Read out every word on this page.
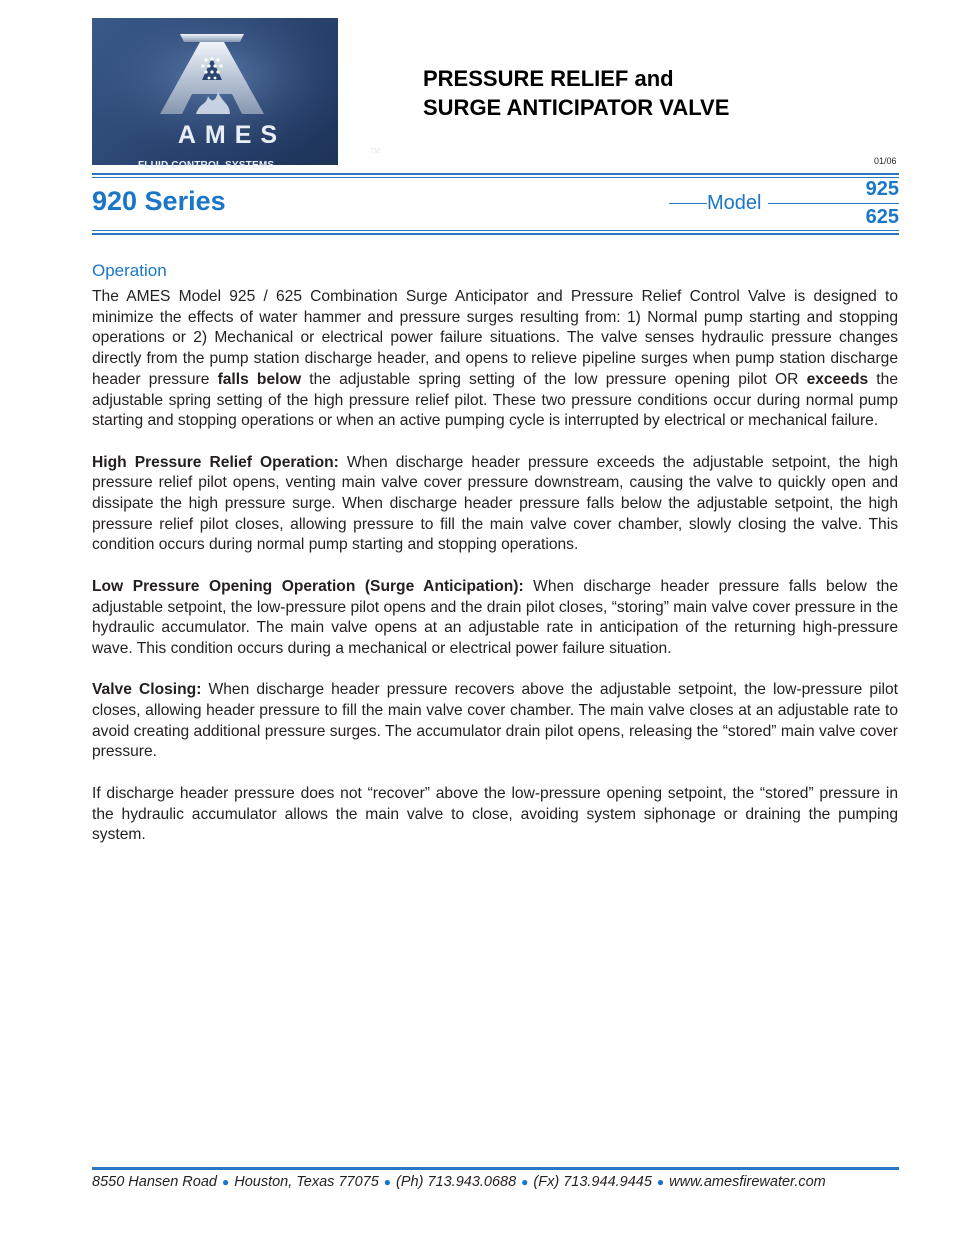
AMES
TM
FLUID CONTROL SYSTEMS
PRESSURE RELIEF and
SURGE ANTICIPATOR VALVE
01/06
920 Series	Model
925
625
Operation

The AMES Model 925 / 625 Combination Surge Anticipator and Pressure Relief Control Valve is designed to minimize the effects of water hammer and pressure surges resulting from: 1) Normal pump starting and stopping operations or 2) Mechanical or electrical power failure situations. The valve senses hydraulic pressure changes directly from the pump station discharge header, and opens to relieve pipeline surges when pump station discharge header pressure falls below the adjustable spring setting of the low pressure opening pilot OR exceeds the adjustable spring setting of the high pressure relief pilot. These two pressure conditions occur during normal pump starting and stopping operations or when an active pumping cycle is interrupted by electrical or mechanical failure.

High Pressure Relief Operation: When discharge header pressure exceeds the adjustable setpoint, the high pressure relief pilot opens, venting main valve cover pressure downstream, causing the valve to quickly open and dissipate the high pressure surge. When discharge header pressure falls below the adjustable setpoint, the high pressure relief pilot closes, allowing pressure to fill the main valve cover chamber, slowly closing the valve. This condition occurs during normal pump starting and stopping operations.

Low Pressure Opening Operation (Surge Anticipation): When discharge header pressure falls below the adjustable setpoint, the low-pressure pilot opens and the drain pilot closes, “storing” main valve cover pressure in the hydraulic accumulator. The main valve opens at an adjustable rate in anticipation of the returning high-pressure wave. This condition occurs during a mechanical or electrical power failure situation.

Valve Closing: When discharge header pressure recovers above the adjustable setpoint, the low-pressure pilot closes, allowing header pressure to fill the main valve cover chamber. The main valve closes at an adjustable rate to avoid creating additional pressure surges. The accumulator drain pilot opens, releasing the “stored” main valve cover pressure.

If discharge header pressure does not “recover” above the low-pressure opening setpoint, the “stored” pressure in the hydraulic accumulator allows the main valve to close, avoiding system siphonage or draining the pumping system.

8550 Hansen Road ● Houston, Texas 77075 ● (Ph) 713.943.0688 ● (Fx) 713.944.9445 ● www.amesfirewater.com
